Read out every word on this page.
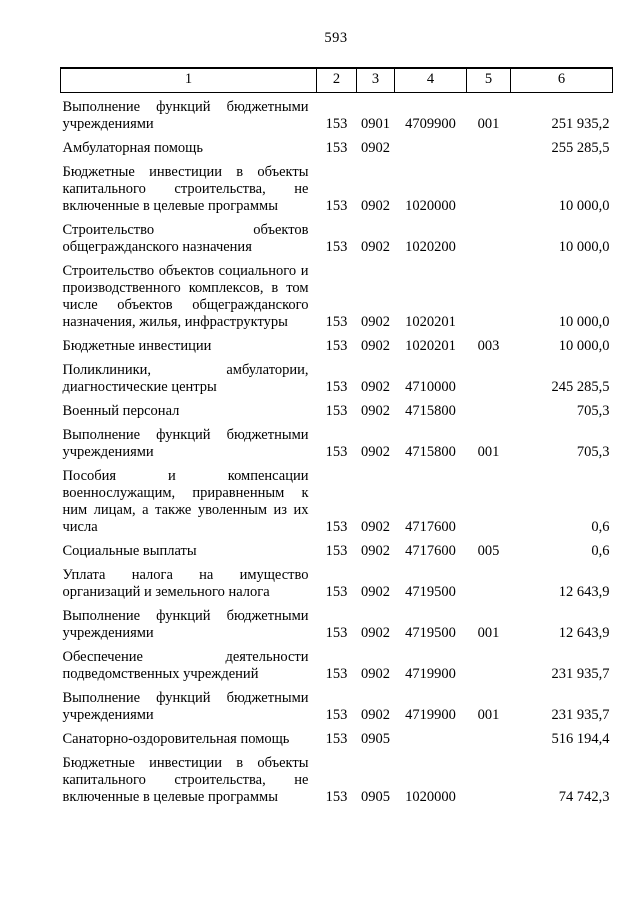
593
1	2	3	4	5	6
Выполнение функций бюджетными учреждениями	153	0901	4709900	001	251 935,2
Амбулаторная помощь	153	0902			255 285,5
Бюджетные инвестиции в объекты капитального строительства, не включенные в целевые программы	153	0902	1020000		10 000,0
Строительство объектов общегражданского назначения	153	0902	1020200		10 000,0
Строительство объектов социального и производственного комплексов, в том числе объектов общегражданского назначения, жилья, инфраструктуры	153	0902	1020201		10 000,0
Бюджетные инвестиции	153	0902	1020201	003	10 000,0
Поликлиники, амбулатории, диагностические центры	153	0902	4710000		245 285,5
Военный персонал	153	0902	4715800		705,3
Выполнение функций бюджетными учреждениями	153	0902	4715800	001	705,3
Пособия и компенсации военнослужащим, приравненным к ним лицам, а также уволенным из их числа	153	0902	4717600		0,6
Социальные выплаты	153	0902	4717600	005	0,6
Уплата налога на имущество организаций и земельного налога	153	0902	4719500		12 643,9
Выполнение функций бюджетными учреждениями	153	0902	4719500	001	12 643,9
Обеспечение деятельности подведомственных учреждений	153	0902	4719900		231 935,7
Выполнение функций бюджетными учреждениями	153	0902	4719900	001	231 935,7
Санаторно-оздоровительная помощь	153	0905			516 194,4
Бюджетные инвестиции в объекты капитального строительства, не включенные в целевые программы	153	0905	1020000		74 742,3
